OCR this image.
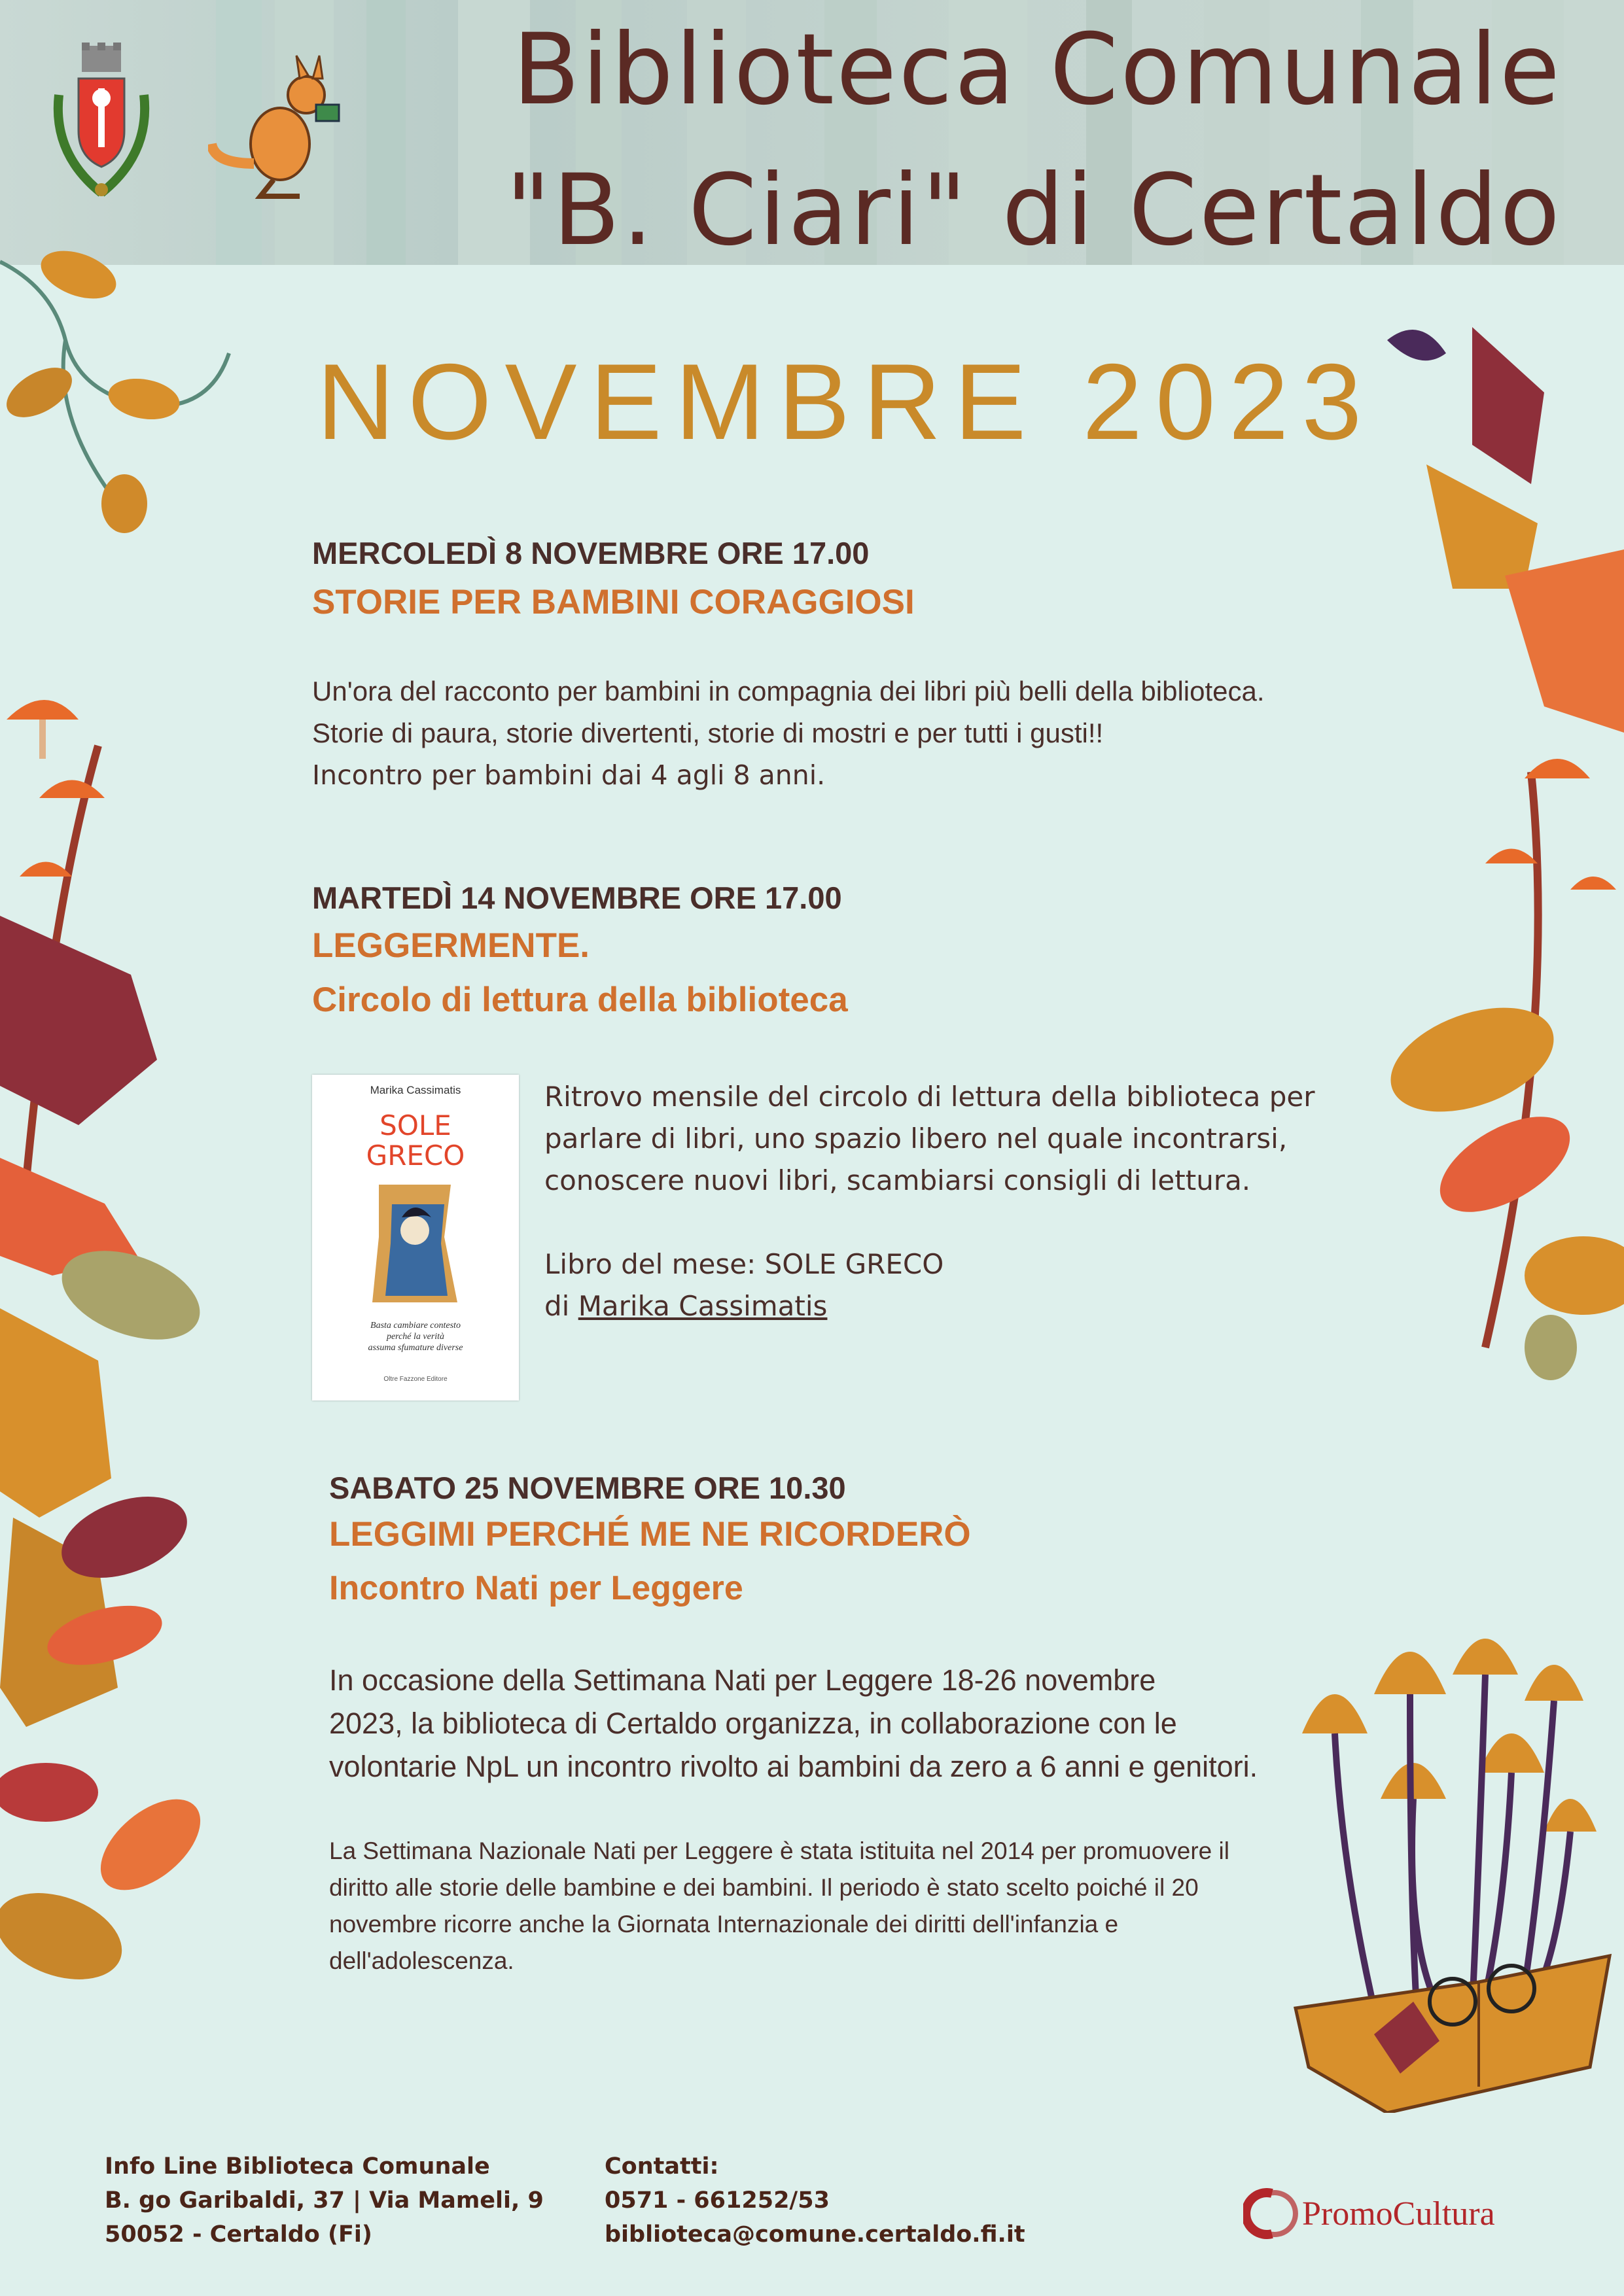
Biblioteca Comunale
"B. Ciari" di Certaldo
NOVEMBRE 2023
MERCOLEDÌ 8 NOVEMBRE ORE 17.00
STORIE PER BAMBINI CORAGGIOSI
Un'ora del racconto per bambini in compagnia dei libri più belli della biblioteca.
Storie di paura, storie divertenti, storie di mostri e per tutti i gusti!!
Incontro per bambini dai 4 agli 8 anni.
MARTEDÌ 14 NOVEMBRE ORE 17.00
LEGGERMENTE.
Circolo di lettura della biblioteca
Marika Cassimatis
SOLE
GRECO
Basta cambiare contesto
perché la verità
assuma sfumature diverse
Oltre Fazzone Editore
Ritrovo mensile del circolo di lettura della biblioteca per
parlare di libri, uno spazio libero nel quale incontrarsi,
conoscere nuovi libri, scambiarsi consigli di lettura.
Libro del mese: SOLE GRECO
di Marika Cassimatis
SABATO 25 NOVEMBRE ORE 10.30
LEGGIMI PERCHÉ ME NE RICORDERÒ
Incontro Nati per Leggere
In occasione della Settimana Nati per Leggere 18-26 novembre
2023, la biblioteca di Certaldo organizza, in collaborazione con le
volontarie NpL un incontro rivolto ai bambini da zero a 6 anni e genitori.
La Settimana Nazionale Nati per Leggere è stata istituita nel 2014 per promuovere il
diritto alle storie delle bambine e dei bambini. Il periodo è stato scelto poiché il 20
novembre ricorre anche la Giornata Internazionale dei diritti dell'infanzia e
dell'adolescenza.
Info Line Biblioteca Comunale
B. go Garibaldi, 37 | Via Mameli, 9
50052 - Certaldo (Fi)
Contatti:
0571 - 661252/53
biblioteca@comune.certaldo.fi.it
PromoCultura
